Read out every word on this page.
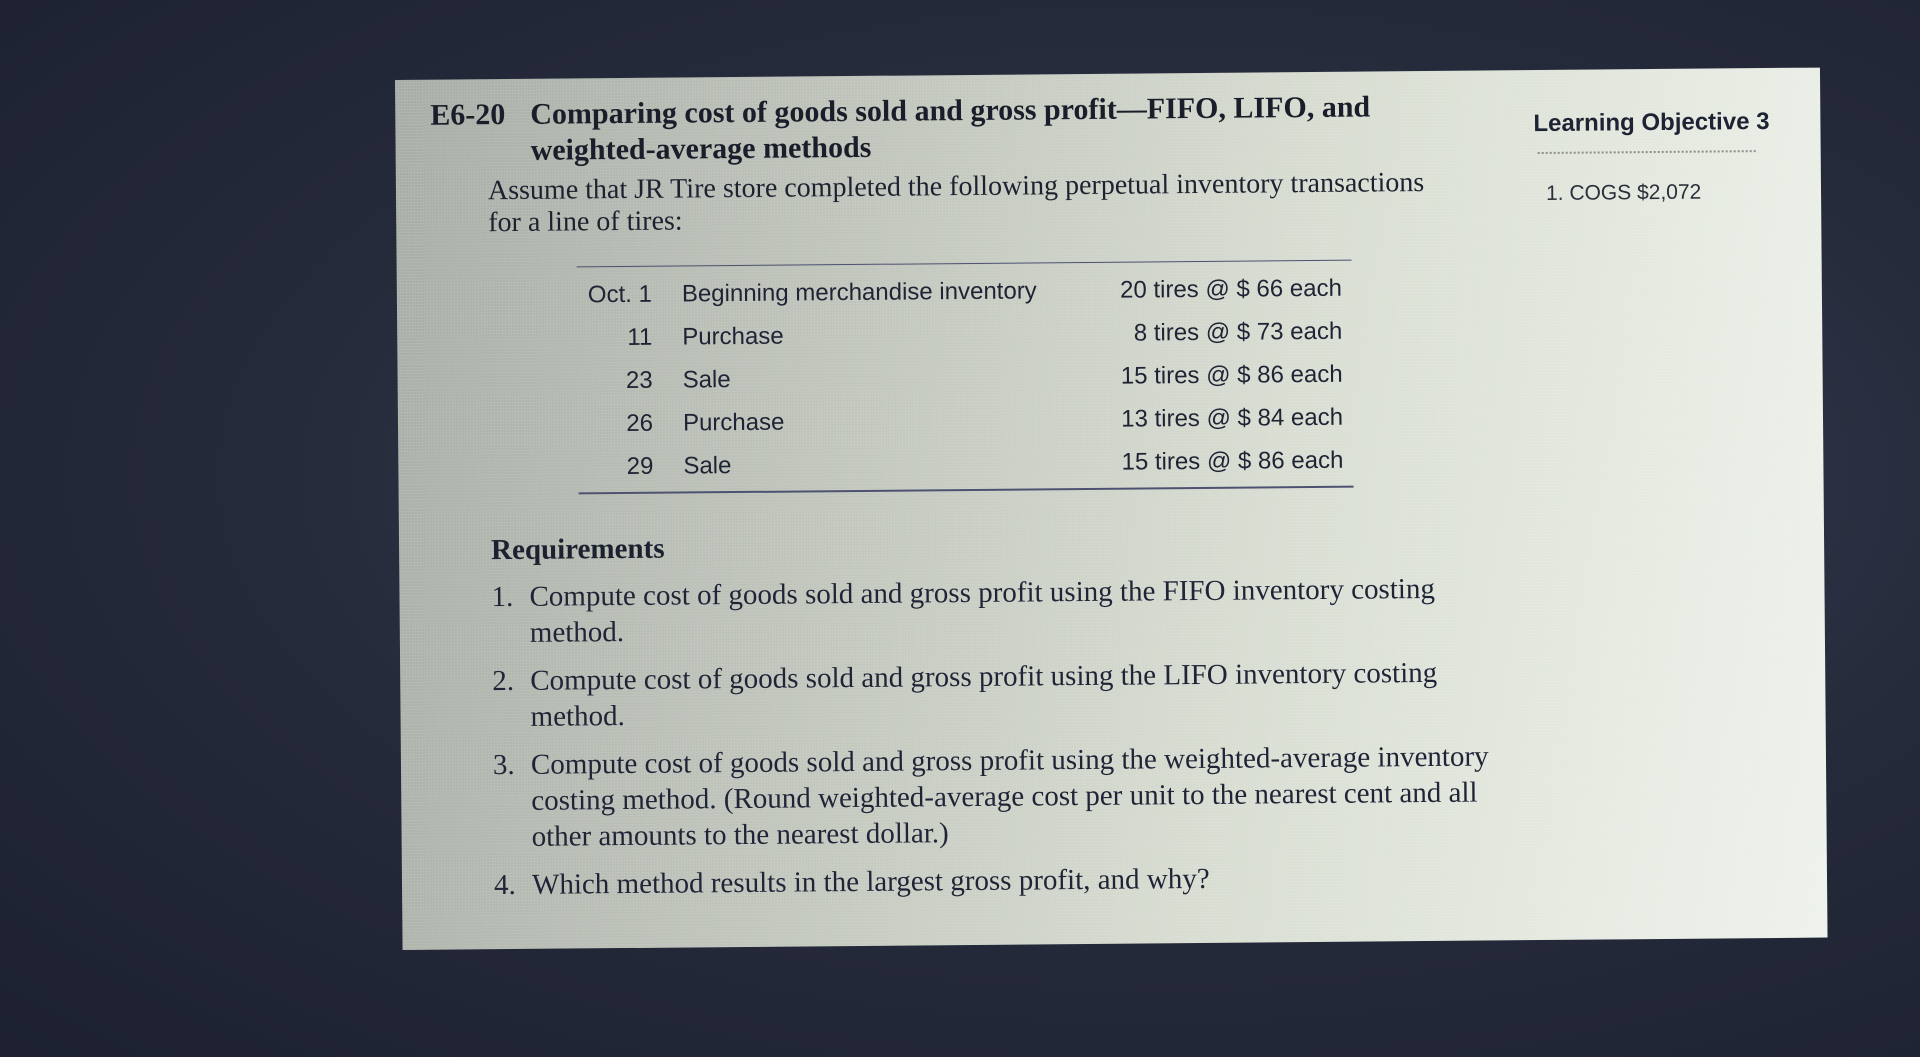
E6-20 Comparing cost of goods sold and gross profit—FIFO, LIFO, and
weighted-average methods
Learning Objective 3
1. COGS $2,072
Assume that JR Tire store completed the following perpetual inventory transactions
for a line of tires:
Oct. 1	Beginning merchandise inventory	20 tires @ $ 66 each
11	Purchase	8 tires @ $ 73 each
23	Sale	15 tires @ $ 86 each
26	Purchase	13 tires @ $ 84 each
29	Sale	15 tires @ $ 86 each
Requirements
1. Compute cost of goods sold and gross profit using the FIFO inventory costing method.
2. Compute cost of goods sold and gross profit using the LIFO inventory costing method.
3. Compute cost of goods sold and gross profit using the weighted-average inventory costing method. (Round weighted-average cost per unit to the nearest cent and all other amounts to the nearest dollar.)
4. Which method results in the largest gross profit, and why?
